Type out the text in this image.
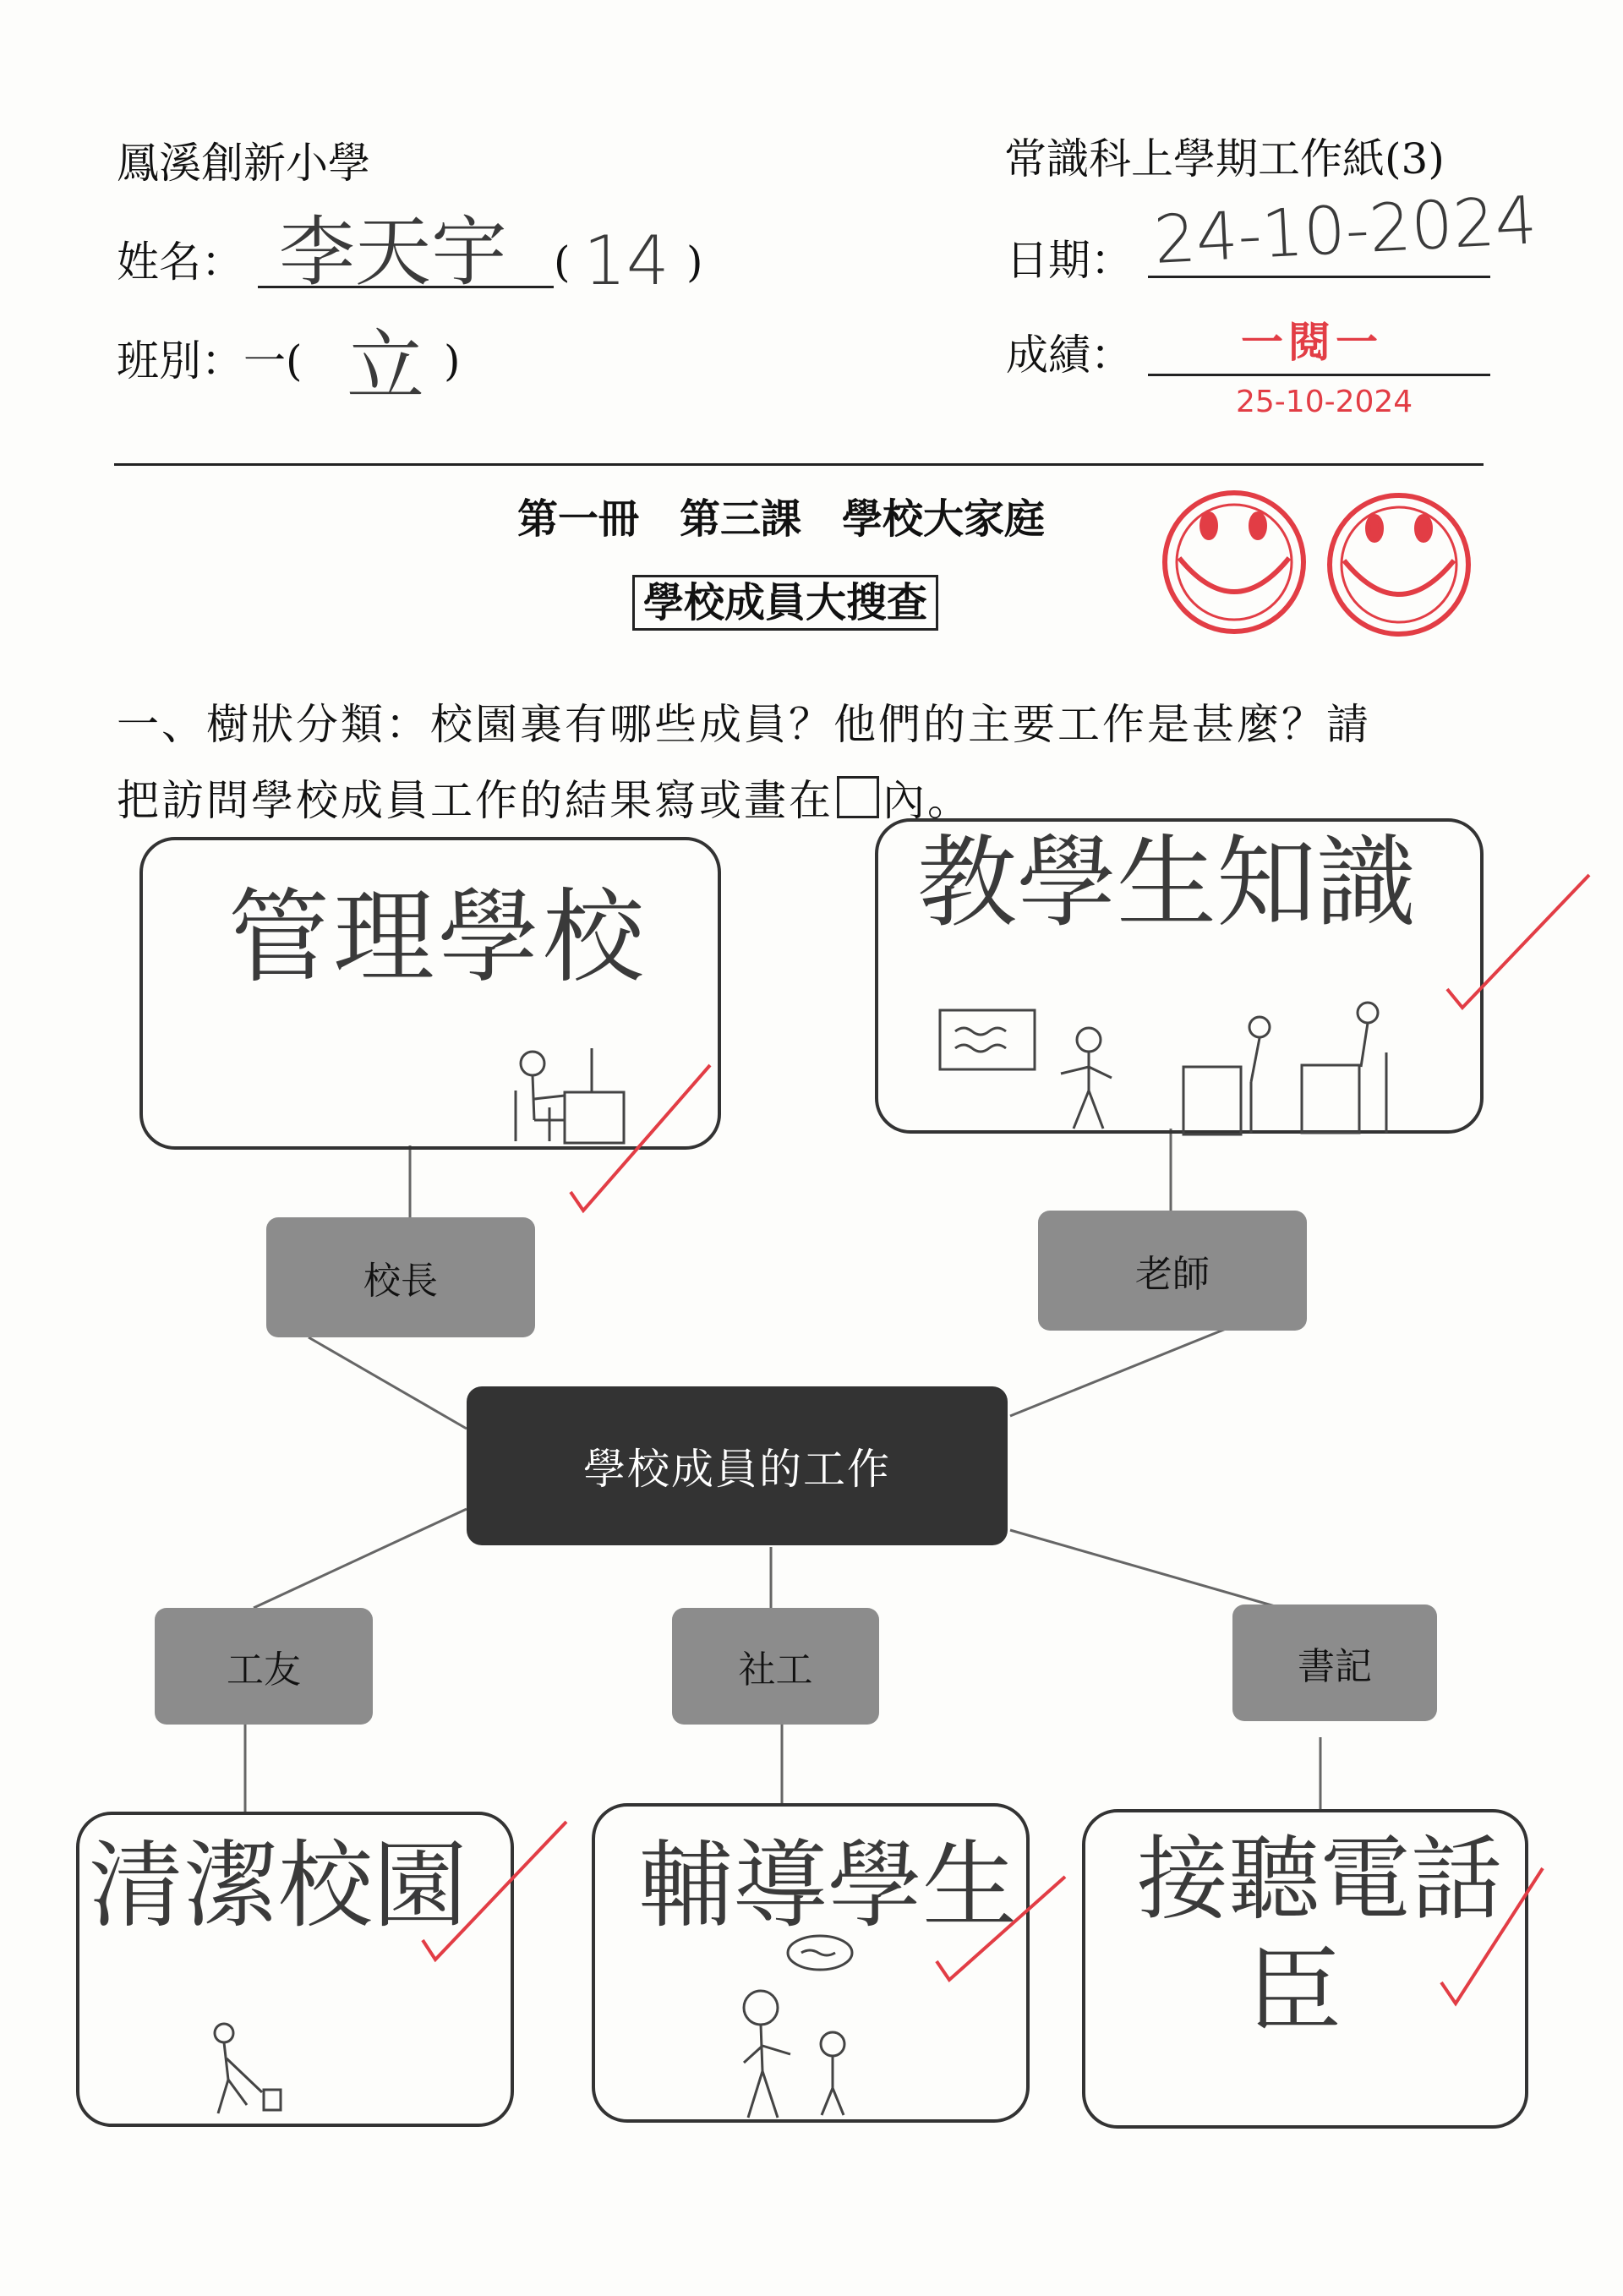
鳳溪創新小學	常識科上學期工作紙(3)
姓名： 李天宇 ( 14 )	日期： 24-10-2024
班別：一( 立 )	成績：	一閱一
25-10-2024
第一冊　第三課　學校大家庭
學校成員大搜查
一、樹狀分類：校園裏有哪些成員？他們的主要工作是甚麼？請
把訪問學校成員工作的結果寫或畫在 內。
校長	老師
工友	社工	書記
學校成員的工作
管理學校	教學生知識
清潔校園 輔導學生 接聽電話
臣
